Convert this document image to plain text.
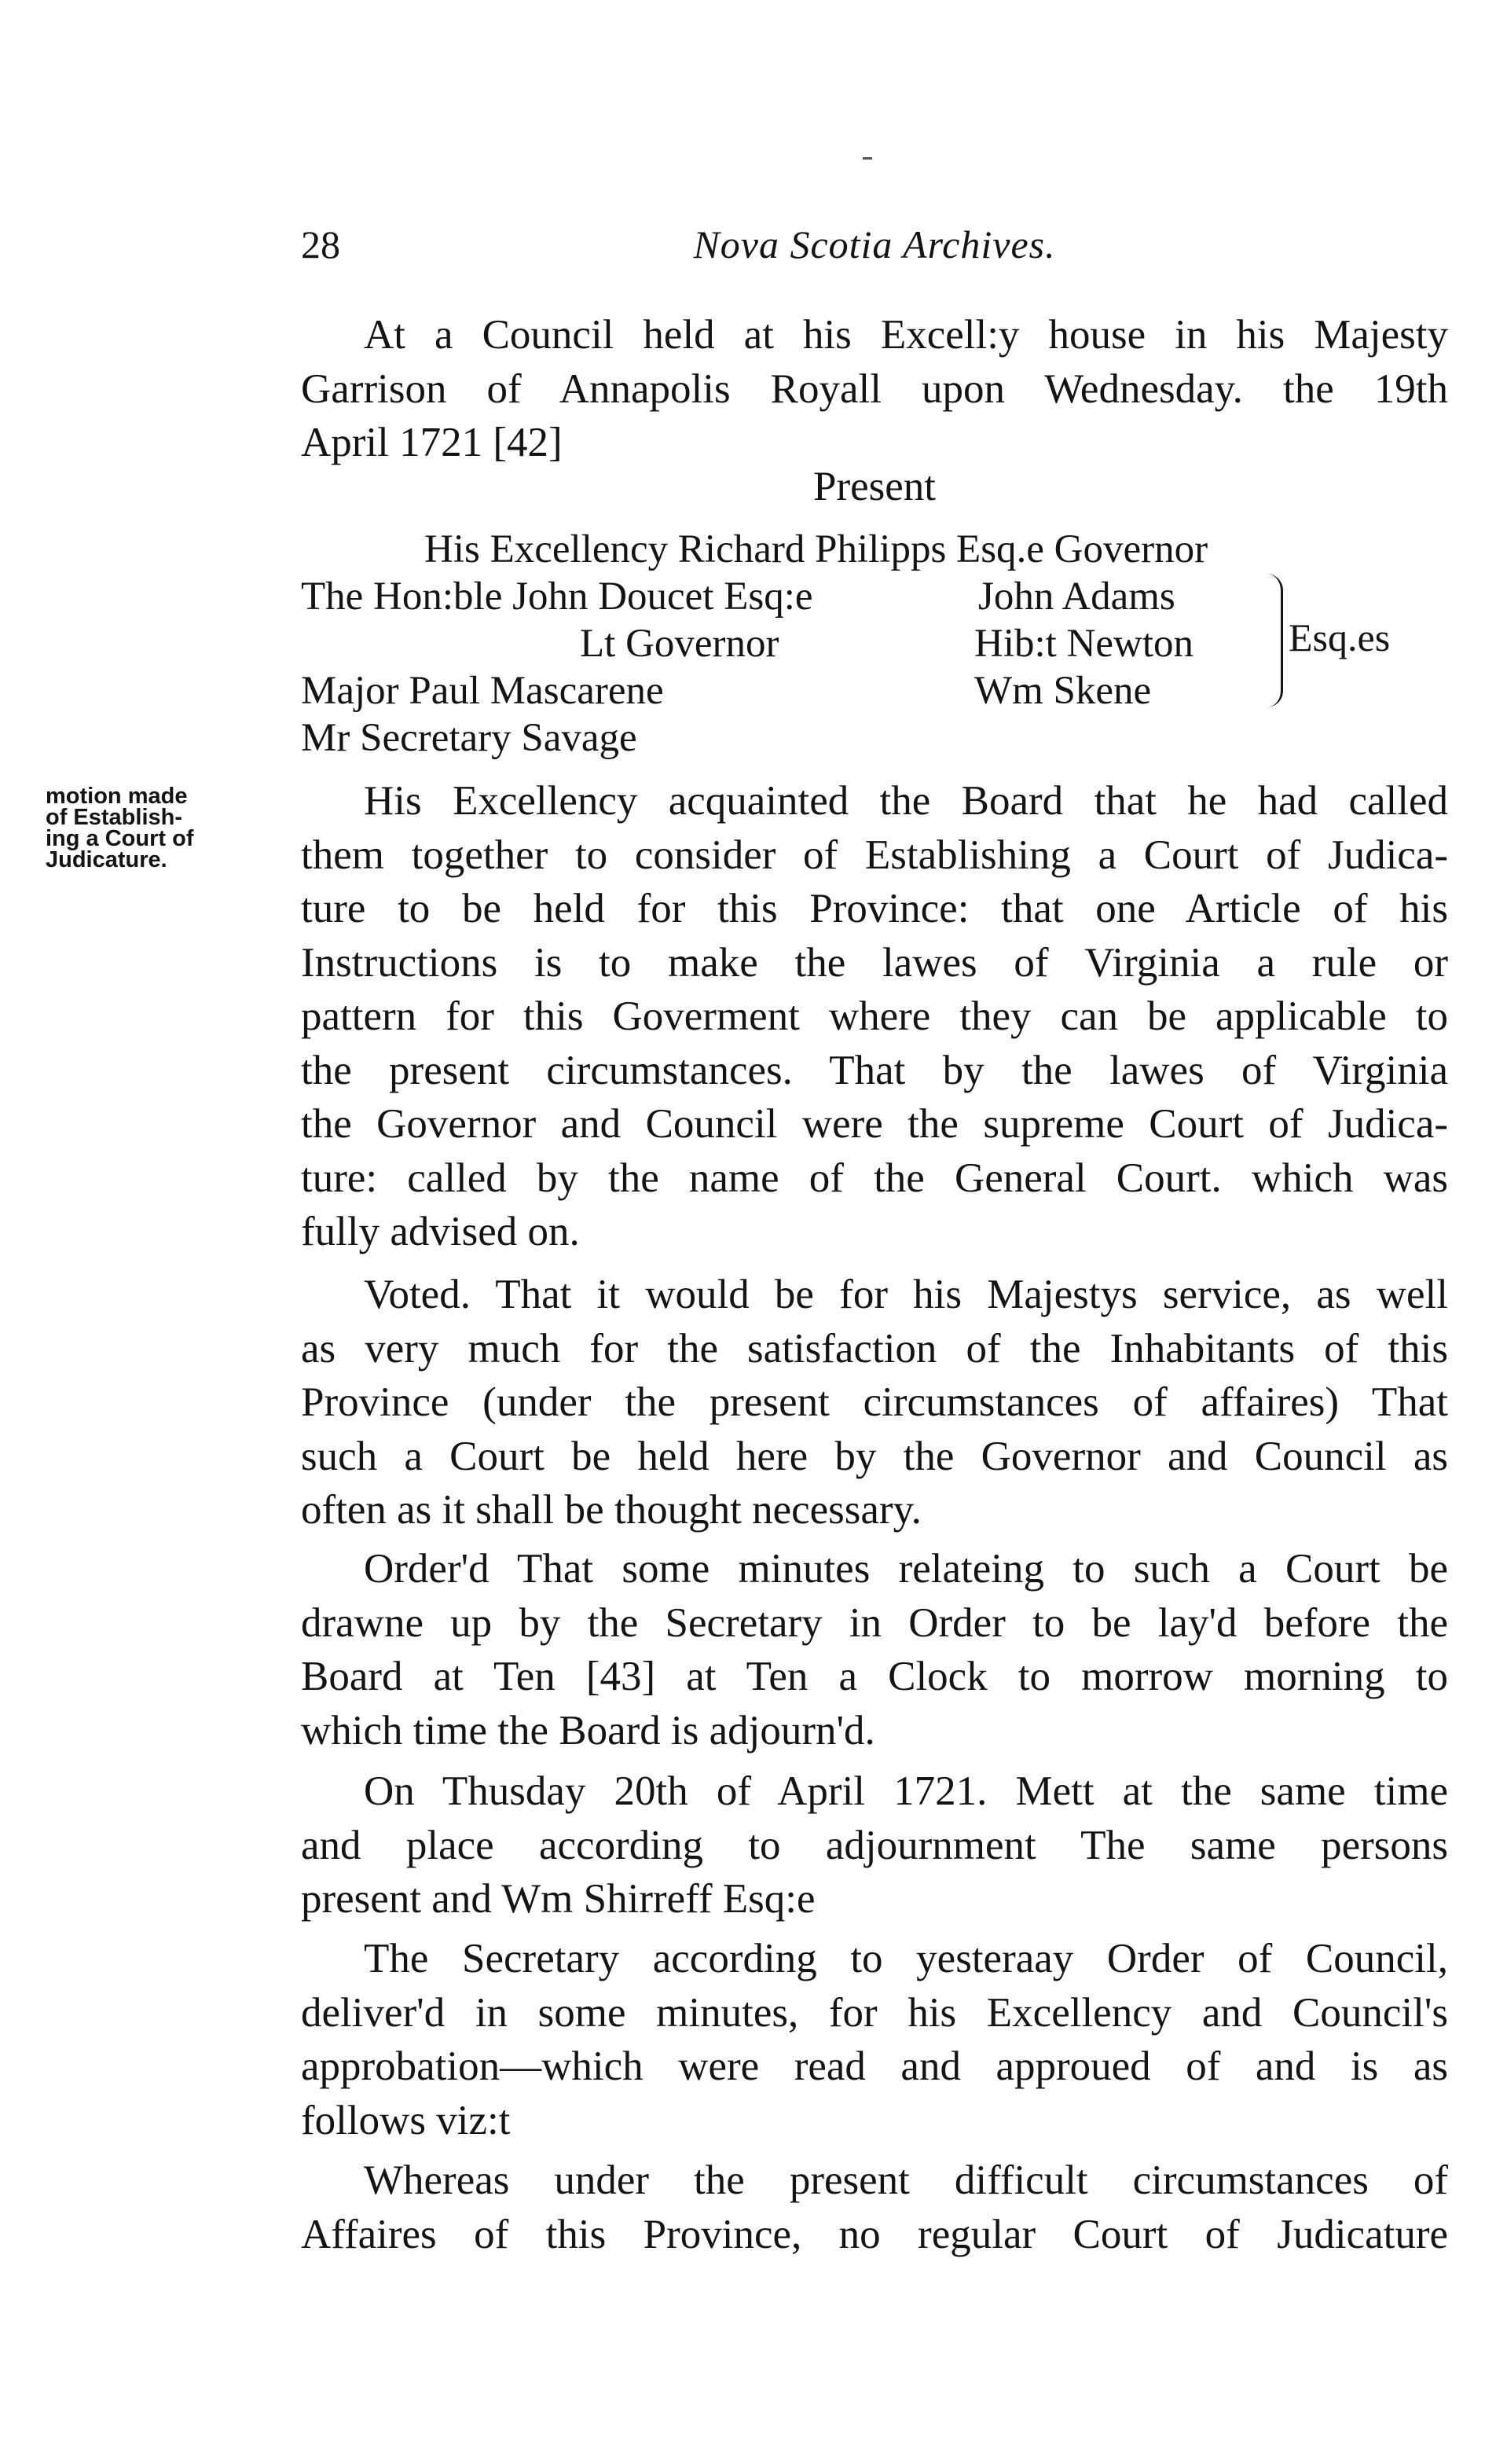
28	Nova Scotia Archives.
At a Council held at his Excell:y house in his Majesty
Garrison of Annapolis Royall upon Wednesday. the 19th
April 1721 [42]
Present
His Excellency Richard Philipps Esq.e Governor
The Hon:ble John Doucet Esq:e
Lt Governor
Major Paul Mascarene
Mr Secretary Savage
John Adams
Hib:t Newton
Wm Skene
Esq.es
motion made
of Establish-
ing a Court of
Judicature.
His Excellency acquainted the Board that he had called
them together to consider of Establishing a Court of Judica-
ture to be held for this Province: that one Article of his
Instructions is to make the lawes of Virginia a rule or
pattern for this Goverment where they can be applicable to
the present circumstances. That by the lawes of Virginia
the Governor and Council were the supreme Court of Judica-
ture: called by the name of the General Court. which was
fully advised on.
Voted. That it would be for his Majestys service, as well
as very much for the satisfaction of the Inhabitants of this
Province (under the present circumstances of affaires) That
such a Court be held here by the Governor and Council as
often as it shall be thought necessary.
Order'd That some minutes relateing to such a Court be
drawne up by the Secretary in Order to be lay'd before the
Board at Ten [43] at Ten a Clock to morrow morning to
which time the Board is adjourn'd.
On Thusday 20th of April 1721. Mett at the same time
and place according to adjournment The same persons
present and Wm Shirreff Esq:e
The Secretary according to yesteraay Order of Council,
deliver'd in some minutes, for his Excellency and Council's
approbation—which were read and approued of and is as
follows viz:t
Whereas under the present difficult circumstances of
Affaires of this Province, no regular Court of Judicature
